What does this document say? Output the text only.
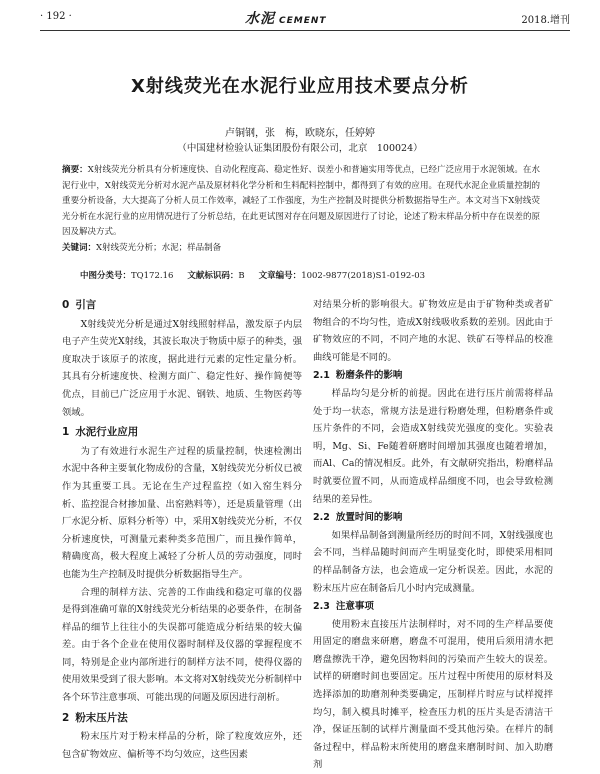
· 192 ·	水泥 CEMENT	2018.增刊
X射线荧光在水泥行业应用技术要点分析
卢铜钢，张　梅，欧晓东，任婷婷
（中国建材检验认证集团股份有限公司，北京　100024）
摘要：X射线荧光分析具有分析速度快、自动化程度高、稳定性好、误差小和普遍实用等优点，已经广泛应用于水泥领域。在水泥行业中，X射线荧光分析对水泥产品及原材料化学分析和生料配料控制中，都得到了有效的应用。在现代水泥企业质量控制的重要分析设备，大大提高了分析人员工作效率，减轻了工作强度，为生产控制及时提供分析数据指导生产。本文对当下X射线荧光分析在水泥行业的应用情况进行了分析总结，在此更试图对存在问题及原因进行了讨论，论述了粉末样品分析中存在误差的原因及解决方式。
关键词：X射线荧光分析；水泥；样品制备
中图分类号：TQ172.16 文献标识码：B 文章编号：1002-9877(2018)S1-0192-03
0 引言

X射线荧光分析是通过X射线照射样品，激发原子内层电子产生荧光X射线，其波长取决于物质中原子的种类，强度取决于该原子的浓度，据此进行元素的定性定量分析。其具有分析速度快、检测方面广、稳定性好、操作简便等优点，目前已广泛应用于水泥、钢铁、地质、生物医药等领域。

1 水泥行业应用

为了有效进行水泥生产过程的质量控制，快速检测出水泥中各种主要氧化物成份的含量，X射线荧光分析仪已被作为其重要工具。无论在生产过程监控（如入窑生料分析、监控混合材掺加量、出窑熟料等），还是质量管理（出厂水泥分析、原料分析等）中，采用X射线荧光分析，不仅分析速度快，可测量元素种类多范围广，而且操作简单，精确度高，极大程度上减轻了分析人员的劳动强度，同时也能为生产控制及时提供分析数据指导生产。

合理的制样方法、完善的工作曲线和稳定可靠的仪器是得到准确可靠的X射线荧光分析结果的必要条件，在制备样品的细节上往往小的失误都可能造成分析结果的较大偏差。由于各个企业在使用仪器时制样及仪器的掌握程度不同，特别是企业内部所进行的制样方法不同，使得仪器的使用效果受到了很大影响。本文将对X射线荧光分析制样中各个环节注意事项、可能出现的问题及原因进行剖析。

2 粉末压片法

粉末压片对于粉末样品的分析，除了粒度效应外，还包含矿物效应、偏析等不均匀效应，这些因素

对结果分析的影响很大。矿物效应是由于矿物种类或者矿物组合的不均匀性，造成X射线吸收系数的差别。因此由于矿物效应的不同，不同产地的水泥、铁矿石等样品的校准曲线可能是不同的。

2.1 粉磨条件的影响

样品均匀是分析的前提。因此在进行压片前需将样品处于均一状态，常规方法是进行粉磨处理，但粉磨条件或压片条件的不同，会造成X射线荧光强度的变化。实验表明，Mg、Si、Fe随着研磨时间增加其强度也随着增加，而Al、Ca的情况相反。此外，有文献研究指出，粉磨样品时就要位置不同，从而造成样品细度不同，也会导致检测结果的差异性。

2.2 放置时间的影响

如果样品制备到测量所经历的时间不同，X射线强度也会不同，当样品随时间而产生明显变化时，即使采用相同的样品制备方法，也会造成一定分析误差。因此，水泥的粉末压片应在制备后几小时内完成测量。

2.3 注意事项

使用粉末直接压片法制样时，对不同的生产样品要使用固定的磨盘来研磨，磨盘不可混用，使用后须用清水把磨盘擦洗干净，避免因物料间的污染而产生较大的误差。试样的研磨时间也要固定。压片过程中所使用的原材料及选择添加的助磨剂种类要确定，压制样片时应与试样搅拌均匀，制入模具时摊平，检查压力机的压片头是否清洁干净，保证压制的试样片测量面不受其他污染。在样片的制备过程中，样品粉末所使用的磨盘来磨制时间、加入助磨剂
